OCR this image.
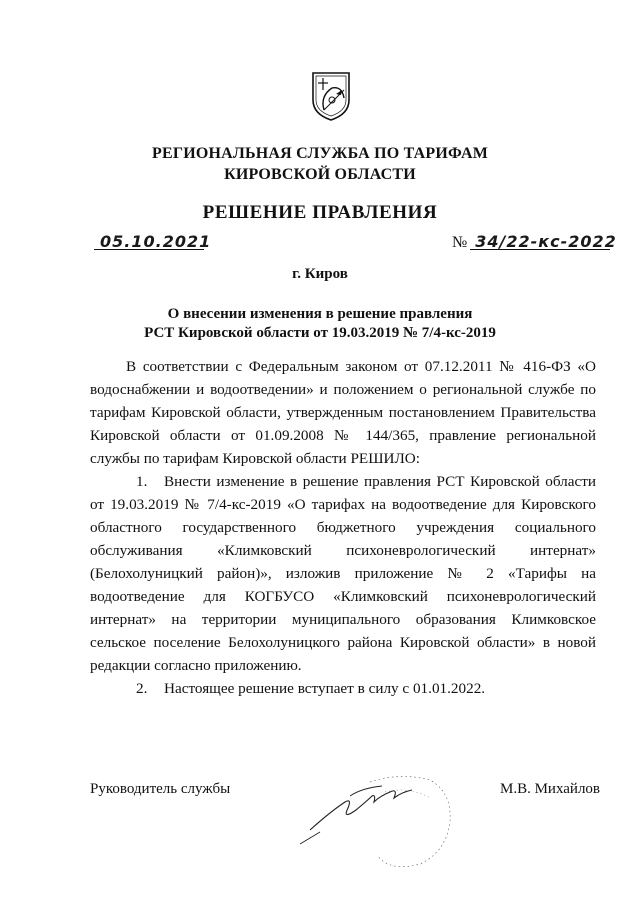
РЕГИОНАЛЬНАЯ СЛУЖБА ПО ТАРИФАМ
КИРОВСКОЙ ОБЛАСТИ
РЕШЕНИЕ ПРАВЛЕНИЯ
05.10.2021	№ 34/22-кс-2022
г. Киров
О внесении изменения в решение правления
РСТ Кировской области от 19.03.2019 № 7/4-кс-2019

В соответствии с Федеральным законом от 07.12.2011 № 416-ФЗ «О водоснабжении и водоотведении» и положением о региональной службе по тарифам Кировской области, утвержденным постановлением Правительства Кировской области от 01.09.2008 № 144/365, правление региональной службы по тарифам Кировской области РЕШИЛО:

1. Внести изменение в решение правления РСТ Кировской области от 19.03.2019 № 7/4-кс-2019 «О тарифах на водоотведение для Кировского областного государственного бюджетного учреждения социального обслуживания «Климковский психоневрологический интернат» (Белохолуницкий район)», изложив приложение № 2 «Тарифы на водоотведение для КОГБУСО «Климковский психоневрологический интернат» на территории муниципального образования Климковское сельское поселение Белохолуницкого района Кировской области» в новой редакции согласно приложению.

2. Настоящее решение вступает в силу с 01.01.2022.

Руководитель службы	М.В. Михайлов
